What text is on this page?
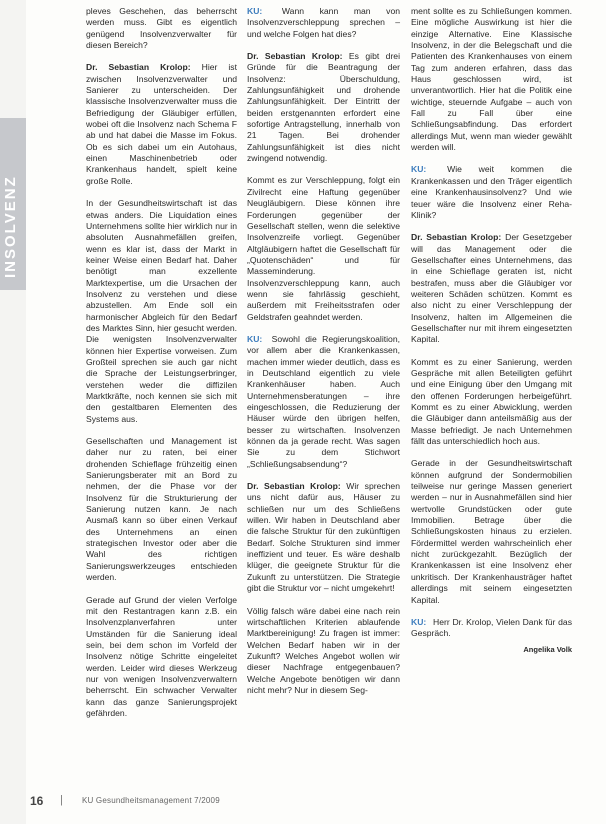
INSOLVENZ

pleves Geschehen, das beherrscht werden muss. Gibt es eigentlich genügend Insolvenzverwalter für diesen Bereich?

Dr. Sebastian Krolop: Hier ist zwischen Insolvenzverwalter und Sanierer zu unterscheiden. Der klassische Insolvenzverwalter muss die Befriedigung der Gläubiger erfüllen, wobei oft die Insolvenz nach Schema F ab und hat dabei die Masse im Fokus. Ob es sich dabei um ein Autohaus, einen Maschinenbetrieb oder Krankenhaus handelt, spielt keine große Rolle.

In der Gesundheitswirtschaft ist das etwas anders. Die Liquidation eines Unternehmens sollte hier wirklich nur in absoluten Ausnahmefällen greifen, wenn es klar ist, dass der Markt in keiner Weise einen Bedarf hat. Daher benötigt man exzellente Marktexpertise, um die Ursachen der Insolvenz zu verstehen und diese abzustellen. Am Ende soll ein harmonischer Abgleich für den Bedarf des Marktes Sinn, hier gesucht werden. Die wenigsten Insolvenzverwalter können hier Expertise vorweisen. Zum Großteil sprechen sie auch gar nicht die Sprache der Leistungserbringer, verstehen weder die diffizilen Marktkräfte, noch kennen sie sich mit den gestaltbaren Elementen des Systems aus.

Gesellschaften und Management ist daher nur zu raten, bei einer drohenden Schieflage frühzeitig einen Sanierungsberater mit an Bord zu nehmen, der die Phase vor der Insolvenz für die Strukturierung der Sanierung nutzen kann. Je nach Ausmaß kann so über einen Verkauf des Unternehmens an einen strategischen Investor oder aber die Wahl des richtigen Sanierungswerkzeuges entschieden werden.

Gerade auf Grund der vielen Verfolge mit den Restantragen kann z.B. ein Insolvenzplanverfahren unter Umständen für die Sanierung ideal sein, bei dem schon im Vorfeld der Insolvenz nötige Schritte eingeleitet werden. Leider wird dieses Werkzeug nur von wenigen Insolvenzverwaltern beherrscht. Ein schwacher Verwalter kann das ganze Sanierungsprojekt gefährden.

KU: Wann kann man von Insolvenzverschleppung sprechen – und welche Folgen hat dies?

Dr. Sebastian Krolop: Es gibt drei Gründe für die Beantragung der Insolvenz: Überschuldung, Zahlungsunfähigkeit und drohende Zahlungsunfähigkeit. Der Eintritt der beiden erstgenannten erfordert eine sofortige Antragstellung, innerhalb von 21 Tagen. Bei drohender Zahlungsunfähigkeit ist dies nicht zwingend notwendig.

Kommt es zur Verschleppung, folgt ein Zivilrecht eine Haftung gegenüber Neugläubigern. Diese können ihre Forderungen gegenüber der Gesellschaft stellen, wenn die selektive Insolvenzreife vorliegt. Gegenüber Altgläubigern haftet die Gesellschaft für „Quotenschäden“ und für Masseminderung. Insolvenzverschleppung kann, auch wenn sie fahrlässig geschieht, außerdem mit Freiheitsstrafen oder Geldstrafen geahndet werden.

KU: Sowohl die Regierungskoalition, vor allem aber die Krankenkassen, machen immer wieder deutlich, dass es in Deutschland eigentlich zu viele Krankenhäuser haben. Auch Unternehmensberatungen – ihre eingeschlossen, die Reduzierung der Häuser würde den übrigen helfen, besser zu wirtschaften. Insolvenzen können da ja gerade recht. Was sagen Sie zu dem Stichwort „Schließungsabsendung“?

Dr. Sebastian Krolop: Wir sprechen uns nicht dafür aus, Häuser zu schließen nur um des Schließens willen. Wir haben in Deutschland aber die falsche Struktur für den zukünftigen Bedarf. Solche Strukturen sind immer ineffizient und teuer. Es wäre deshalb klüger, die geeignete Struktur für die Zukunft zu unterstützen. Die Strategie gibt die Struktur vor – nicht umgekehrt!

Völlig falsch wäre dabei eine nach rein wirtschaftlichen Kriterien ablaufende Marktbereinigung! Zu fragen ist immer: Welchen Bedarf haben wir in der Zukunft? Welches Angebot wollen wir dieser Nachfrage entgegenbauen? Welche Angebote benötigen wir dann nicht mehr? Nur in diesem Seg-

ment sollte es zu Schließungen kommen. Eine mögliche Auswirkung ist hier die einzige Alternative. Eine Klassische Insolvenz, in der die Belegschaft und die Patienten des Krankenhauses von einem Tag zum anderen erfahren, dass das Haus geschlossen wird, ist unverantwortlich. Hier hat die Politik eine wichtige, steuernde Aufgabe – auch von Fall zu Fall über eine Schließungsabfindung. Das erfordert allerdings Mut, wenn man wieder gewählt werden will.

KU: Wie weit kommen die Krankenkassen und den Träger eigentlich eine Krankenhausinsolvenz? Und wie teuer wäre die Insolvenz einer Reha-Klinik?

Dr. Sebastian Krolop: Der Gesetzgeber will das Management oder die Gesellschafter eines Unternehmens, das in eine Schieflage geraten ist, nicht bestrafen, muss aber die Gläubiger vor weiteren Schäden schützen. Kommt es also nicht zu einer Verschleppung der Insolvenz, halten im Allgemeinen die Gesellschafter nur mit ihrem eingesetzten Kapital.

Kommt es zu einer Sanierung, werden Gespräche mit allen Beteiligten geführt und eine Einigung über den Umgang mit den offenen Forderungen herbeigeführt. Kommt es zu einer Abwicklung, werden die Gläubiger dann anteilsmäßig aus der Masse befriedigt. Je nach Unternehmen fällt das unterschiedlich hoch aus.

Gerade in der Gesundheitswirtschaft können aufgrund der Sondermobilien teilweise nur geringe Massen generiert werden – nur in Ausnahmefällen sind hier wertvolle Grundstücken oder gute Immobilien. Betrage über die Schließungskosten hinaus zu erzielen. Fördermittel werden wahrscheinlich eher nicht zurückgezahlt. Bezüglich der Krankenkassen ist eine Insolvenz eher unkritisch. Der Krankenhausträger haftet allerdings mit seinem eingesetzten Kapital.

KU: Herr Dr. Krolop, Vielen Dank für das Gespräch.

Angelika Volk
16 | KU Gesundheitsmanagement 7/2009
